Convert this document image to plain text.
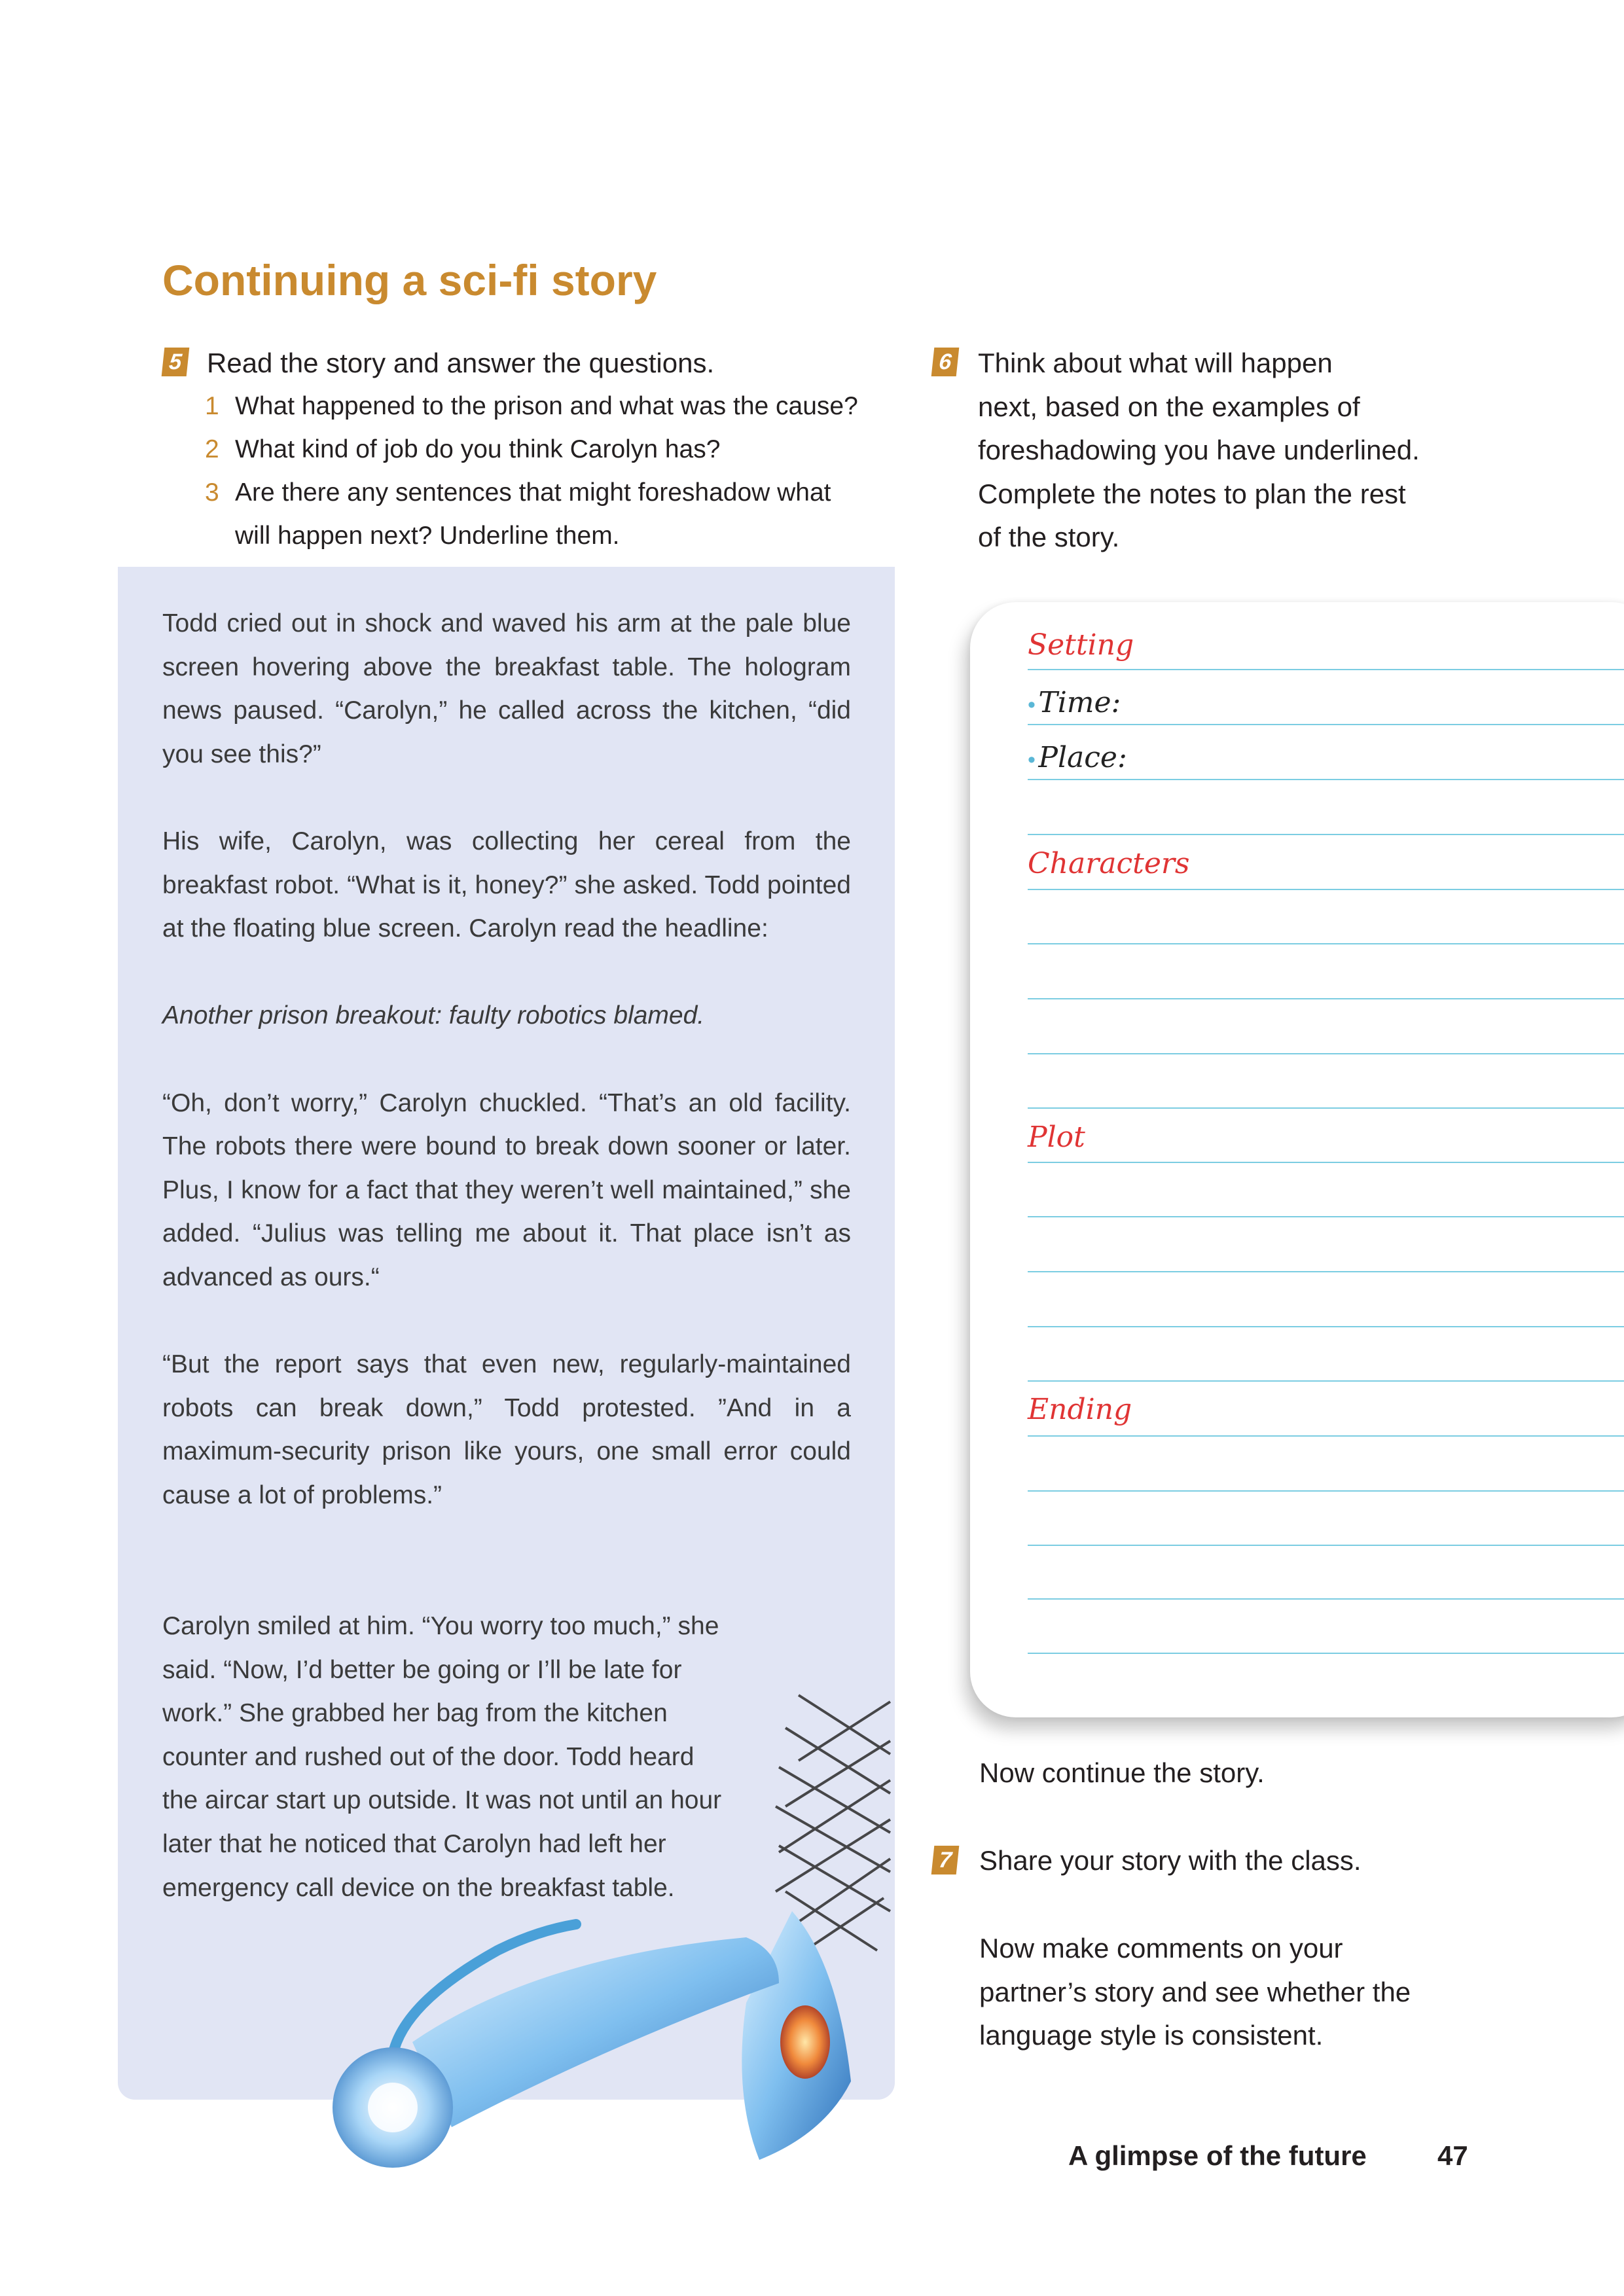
Continuing a sci-fi story
5 Read the story and answer the questions.
1 What happened to the prison and what was the cause?
2 What kind of job do you think Carolyn has?
3 Are there any sentences that might foreshadow what
will happen next? Underline them.

Todd cried out in shock and waved his arm at the pale blue screen hovering above the breakfast table. The hologram news paused. “Carolyn,” he called across the kitchen, “did you see this?”

His wife, Carolyn, was collecting her cereal from the breakfast robot. “What is it, honey?” she asked. Todd pointed at the floating blue screen. Carolyn read the headline:

Another prison breakout: faulty robotics blamed.

“Oh, don’t worry,” Carolyn chuckled. “That’s an old facility. The robots there were bound to break down sooner or later. Plus, I know for a fact that they weren’t well maintained,” she added. “Julius was telling me about it. That place isn’t as advanced as ours.“

“But the report says that even new, regularly-maintained robots can break down,” Todd protested. ”And in a maximum-security prison like yours, one small error could cause a lot of problems.”

Carolyn smiled at him. “You worry too much,” she
said. “Now, I’d better be going or I’ll be late for
work.” She grabbed her bag from the kitchen
counter and rushed out of the door. Todd heard
the aircar start up outside. It was not until an hour
later that he noticed that Carolyn had left her
emergency call device on the breakfast table.
6 Think about what will happen
next, based on the examples of
foreshadowing you have underlined.
Complete the notes to plan the rest
of the story.
Setting
• Time:
• Place:
Characters
Plot
Ending
Now continue the story.
7 Share your story with the class.
Now make comments on your
partner’s story and see whether the
language style is consistent.
A glimpse of the future	47
